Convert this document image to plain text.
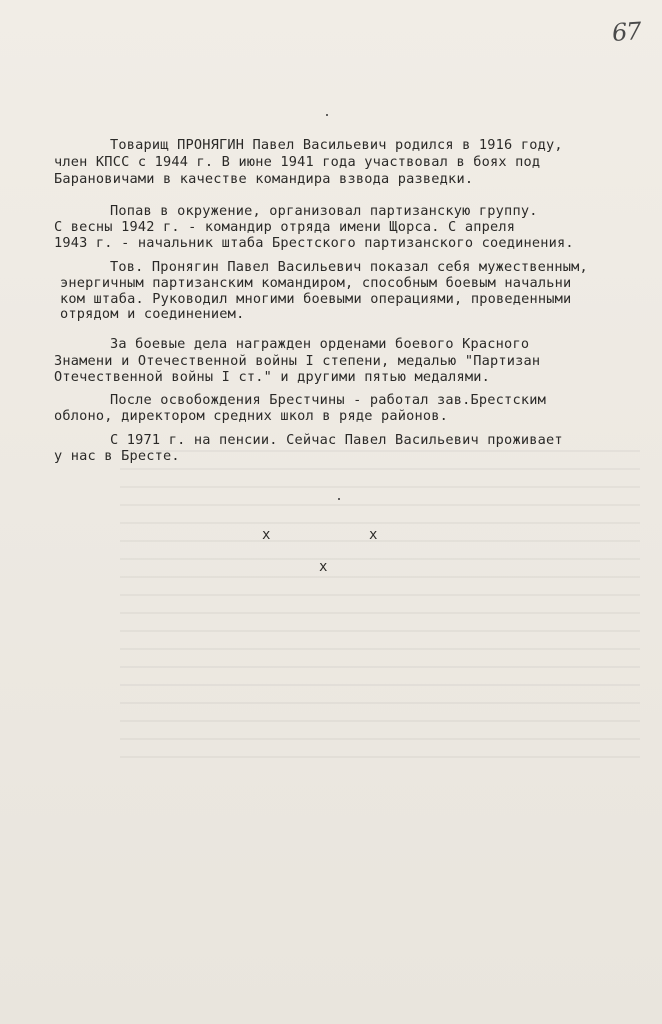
67
Товарищ ПРОНЯГИН Павел Васильевич родился в 1916 году,
член КПСС с 1944 г. В июне 1941 года участвовал в боях под
Барановичами в качестве командира взвода разведки.
Попав в окружение, организовал партизанскую группу.
С весны 1942 г. - командир отряда имени Щорса. С апреля
1943 г. - начальник штаба Брестского партизанского соединения.
Тов. Пронягин Павел Васильевич показал себя мужественным,
энергичным партизанским командиром, способным боевым начальни
ком штаба. Руководил многими боевыми операциями, проведенными
отрядом и соединением.
За боевые дела награжден орденами боевого Красного
Знамени и Отечественной войны I степени, медалью "Партизан
Отечественной войны I ст." и другими пятью медалями.
После освобождения Брестчины - работал зав.Брестским
облоно, директором средних школ в ряде районов.
С 1971 г. на пенсии. Сейчас Павел Васильевич проживает
у нас в Бресте.
x	x
x
